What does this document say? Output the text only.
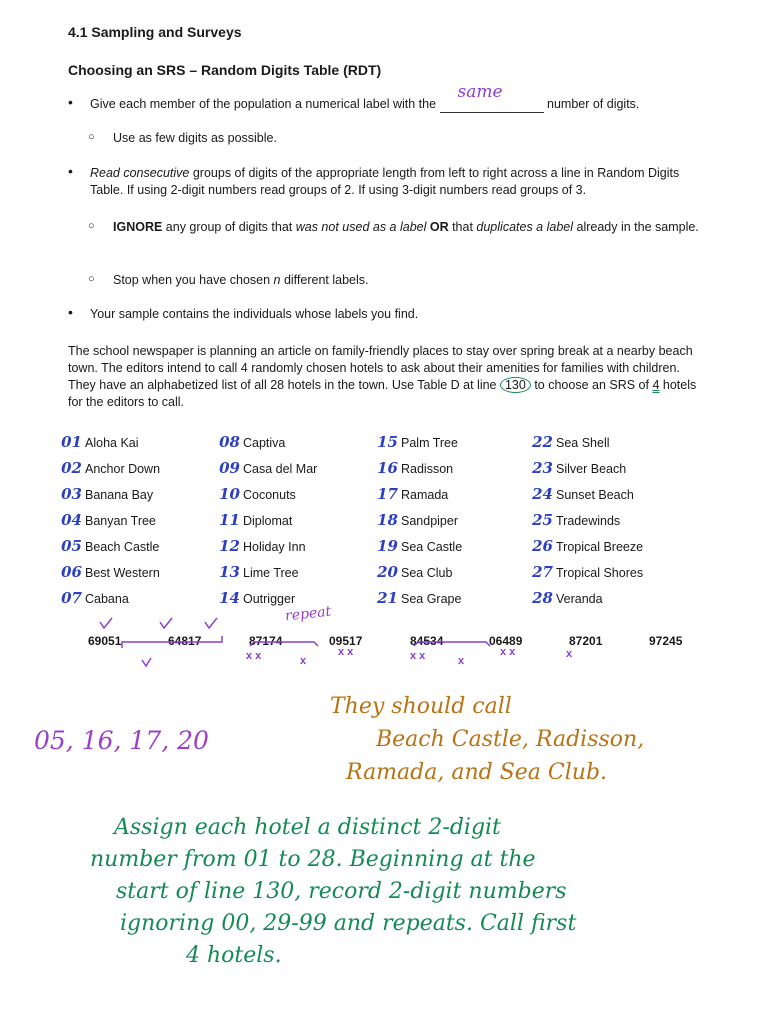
4.1 Sampling and Surveys
Choosing an SRS – Random Digits Table (RDT)
• Give each member of the population a numerical label with the
same
number of digits.
○ Use as few digits as possible.
• Read consecutive groups of digits of the appropriate length from left to right across a line in Random Digits Table. If using 2-digit numbers read groups of 2. If using 3-digit numbers read groups of 3.
○ IGNORE any group of digits that was not used as a label OR that duplicates a label already in the sample.
○ Stop when you have chosen n different labels.
• Your sample contains the individuals whose labels you find.
The school newspaper is planning an article on family-friendly places to stay over spring break at a nearby beach town. The editors intend to call 4 randomly chosen hotels to ask about their amenities for families with children. They have an alphabetized list of all 28 hotels in the town. Use Table D at line 130 to choose an SRS of 4 hotels for the editors to call.
01 Aloha Kai
02 Anchor Down
03 Banana Bay
04 Banyan Tree
05 Beach Castle
06 Best Western
07 Cabana
08 Captiva
09 Casa del Mar
10 Coconuts
11 Diplomat
12 Holiday Inn
13 Lime Tree
14 Outrigger
15 Palm Tree
16 Radisson
17 Ramada
18 Sandpiper
19 Sea Castle
20 Sea Club
21 Sea Grape
22 Sea Shell
23 Silver Beach
24 Sunset Beach
25 Tradewinds
26 Tropical Breeze
27 Tropical Shores
28 Veranda
69051	64817	87174	09517	84534	06489	87201	97245
x x	x
x x	x x	x
x x	x
repeat
05, 16, 17, 20
They should call
Beach Castle, Radisson,
Ramada, and Sea Club.
Assign each hotel a distinct 2-digit
number from 01 to 28. Beginning at the
start of line 130, record 2-digit numbers
ignoring 00, 29-99 and repeats. Call first
4 hotels.
